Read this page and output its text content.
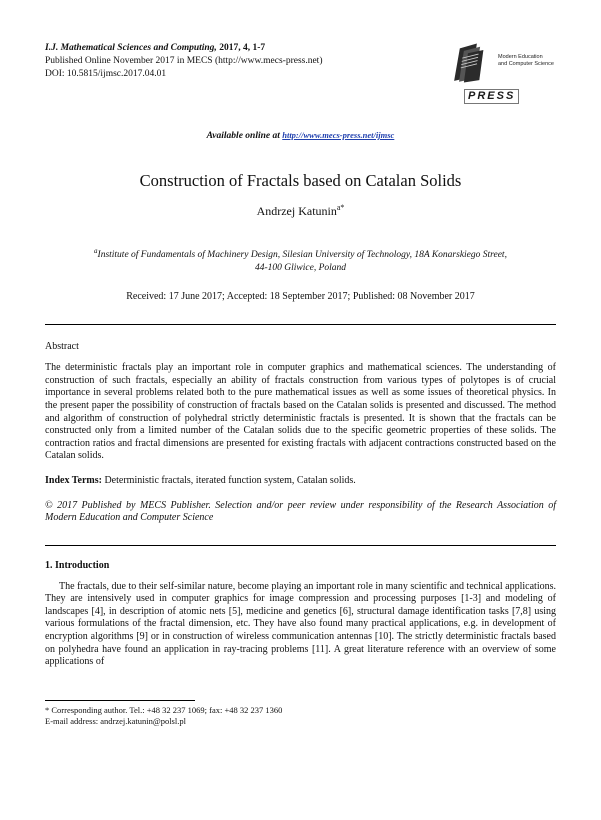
I.J. Mathematical Sciences and Computing, 2017, 4, 1-7
Published Online November 2017 in MECS (http://www.mecs-press.net)
DOI: 10.5815/ijmsc.2017.04.01
Modern Education
and Computer Science
PRESS
Available online at http://www.mecs-press.net/ijmsc
Construction of Fractals based on Catalan Solids
Andrzej Katunin$^{a*}$
$^a$Institute of Fundamentals of Machinery Design, Silesian University of Technology, 18A Konarskiego Street,
44-100 Gliwice, Poland
Received: 17 June 2017; Accepted: 18 September 2017; Published: 08 November 2017
Abstract
The deterministic fractals play an important role in computer graphics and mathematical sciences. The understanding of construction of such fractals, especially an ability of fractals construction from various types of polytopes is of crucial importance in several problems related both to the pure mathematical issues as well as some issues of theoretical physics. In the present paper the possibility of construction of fractals based on the Catalan solids is presented and discussed. The method and algorithm of construction of polyhedral strictly deterministic fractals is presented. It is shown that the fractals can be constructed only from a limited number of the Catalan solids due to the specific geometric properties of these solids. The contraction ratios and fractal dimensions are presented for existing fractals with adjacent contractions constructed based on the Catalan solids.
Index Terms: Deterministic fractals, iterated function system, Catalan solids.
© 2017 Published by MECS Publisher. Selection and/or peer review under responsibility of the Research Association of Modern Education and Computer Science
1. Introduction
The fractals, due to their self-similar nature, become playing an important role in many scientific and technical applications. They are intensively used in computer graphics for image compression and processing purposes [1-3] and modeling of landscapes [4], in description of atomic nets [5], medicine and genetics [6], structural damage identification tasks [7,8] using various formulations of the fractal dimension, etc. They have also found many practical applications, e.g. in development of encryption algorithms [9] or in construction of wireless communication antennas [10]. The strictly deterministic fractals based on polyhedra have found an application in ray-tracing problems [11]. A great literature reference with an overview of some applications of
* Corresponding author. Tel.: +48 32 237 1069; fax: +48 32 237 1360
E-mail address: andrzej.katunin@polsl.pl
